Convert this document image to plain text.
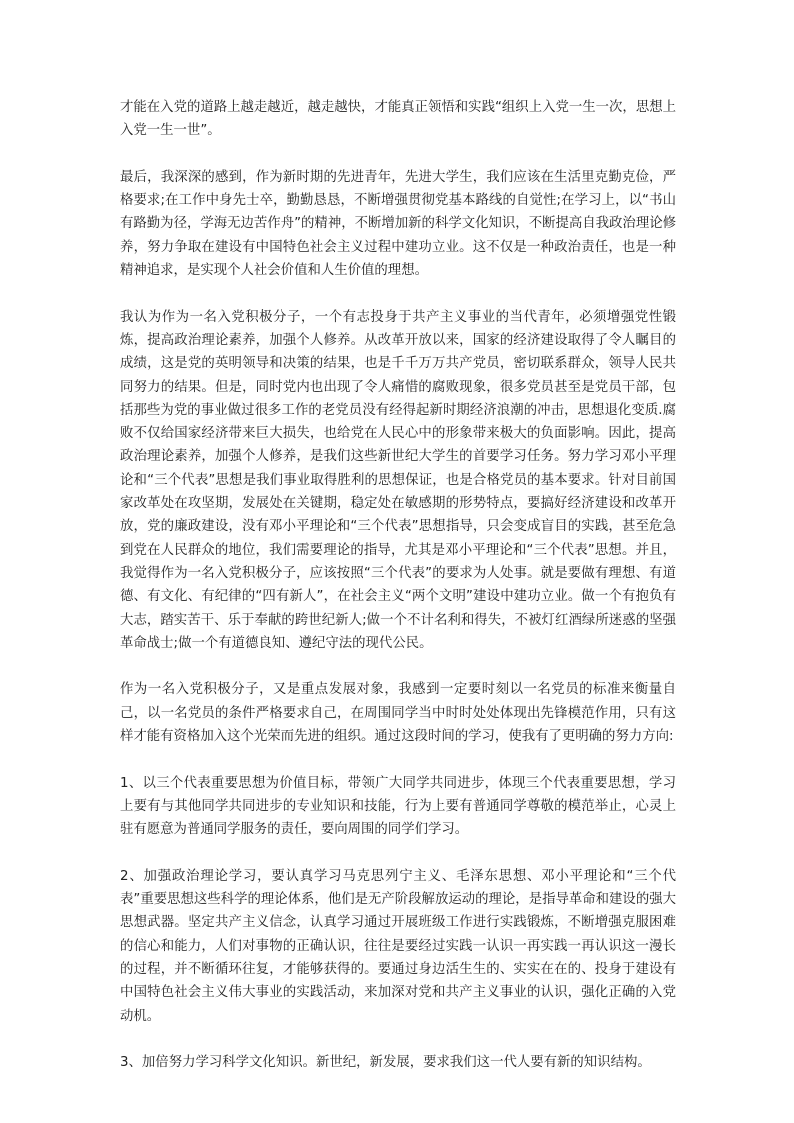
才能在入党的道路上越走越近，越走越快，才能真正领悟和实践“组织上入党一生一次，思想上入党一生一世”。

最后，我深深的感到，作为新时期的先进青年，先进大学生，我们应该在生活里克勤克俭，严格要求;在工作中身先士卒，勤勤恳恳，不断增强贯彻党基本路线的自觉性;在学习上，以“书山有路勤为径，学海无边苦作舟”的精神，不断增加新的科学文化知识，不断提高自我政治理论修养，努力争取在建设有中国特色社会主义过程中建功立业。这不仅是一种政治责任，也是一种精神追求，是实现个人社会价值和人生价值的理想。

我认为作为一名入党积极分子，一个有志投身于共产主义事业的当代青年，必须增强党性锻炼，提高政治理论素养，加强个人修养。从改革开放以来，国家的经济建设取得了令人瞩目的成绩，这是党的英明领导和决策的结果，也是千千万万共产党员，密切联系群众，领导人民共同努力的结果。但是，同时党内也出现了令人痛惜的腐败现象，很多党员甚至是党员干部，包括那些为党的事业做过很多工作的老党员没有经得起新时期经济浪潮的冲击，思想退化变质.腐败不仅给国家经济带来巨大损失，也给党在人民心中的形象带来极大的负面影响。因此，提高政治理论素养，加强个人修养，是我们这些新世纪大学生的首要学习任务。努力学习邓小平理论和“三个代表”思想是我们事业取得胜利的思想保证，也是合格党员的基本要求。针对目前国家改革处在攻坚期，发展处在关键期，稳定处在敏感期的形势特点，要搞好经济建设和改革开放，党的廉政建设，没有邓小平理论和“三个代表”思想指导，只会变成盲目的实践，甚至危急到党在人民群众的地位，我们需要理论的指导，尤其是邓小平理论和“三个代表”思想。并且，我觉得作为一名入党积极分子，应该按照“三个代表”的要求为人处事。就是要做有理想、有道德、有文化、有纪律的“四有新人”，在社会主义“两个文明”建设中建功立业。做一个有抱负有大志，踏实苦干、乐于奉献的跨世纪新人;做一个不计名利和得失，不被灯红酒绿所迷惑的坚强革命战士;做一个有道德良知、遵纪守法的现代公民。

作为一名入党积极分子，又是重点发展对象，我感到一定要时刻以一名党员的标准来衡量自己，以一名党员的条件严格要求自己，在周围同学当中时时处处体现出先锋模范作用，只有这样才能有资格加入这个光荣而先进的组织。通过这段时间的学习，使我有了更明确的努力方向:

1、以三个代表重要思想为价值目标，带领广大同学共同进步，体现三个代表重要思想，学习上要有与其他同学共同进步的专业知识和技能，行为上要有普通同学尊敬的模范举止，心灵上驻有愿意为普通同学服务的责任，要向周围的同学们学习。

2、加强政治理论学习，要认真学习马克思列宁主义、毛泽东思想、邓小平理论和“三个代表”重要思想这些科学的理论体系，他们是无产阶段解放运动的理论，是指导革命和建设的强大思想武器。坚定共产主义信念，认真学习通过开展班级工作进行实践锻炼，不断增强克服困难的信心和能力，人们对事物的正确认识，往往是要经过实践一认识一再实践一再认识这一漫长的过程，并不断循环往复，才能够获得的。要通过身边活生生的、实实在在的、投身于建设有中国特色社会主义伟大事业的实践活动，来加深对党和共产主义事业的认识，强化正确的入党动机。

3、加倍努力学习科学文化知识。新世纪，新发展，要求我们这一代人要有新的知识结构。
